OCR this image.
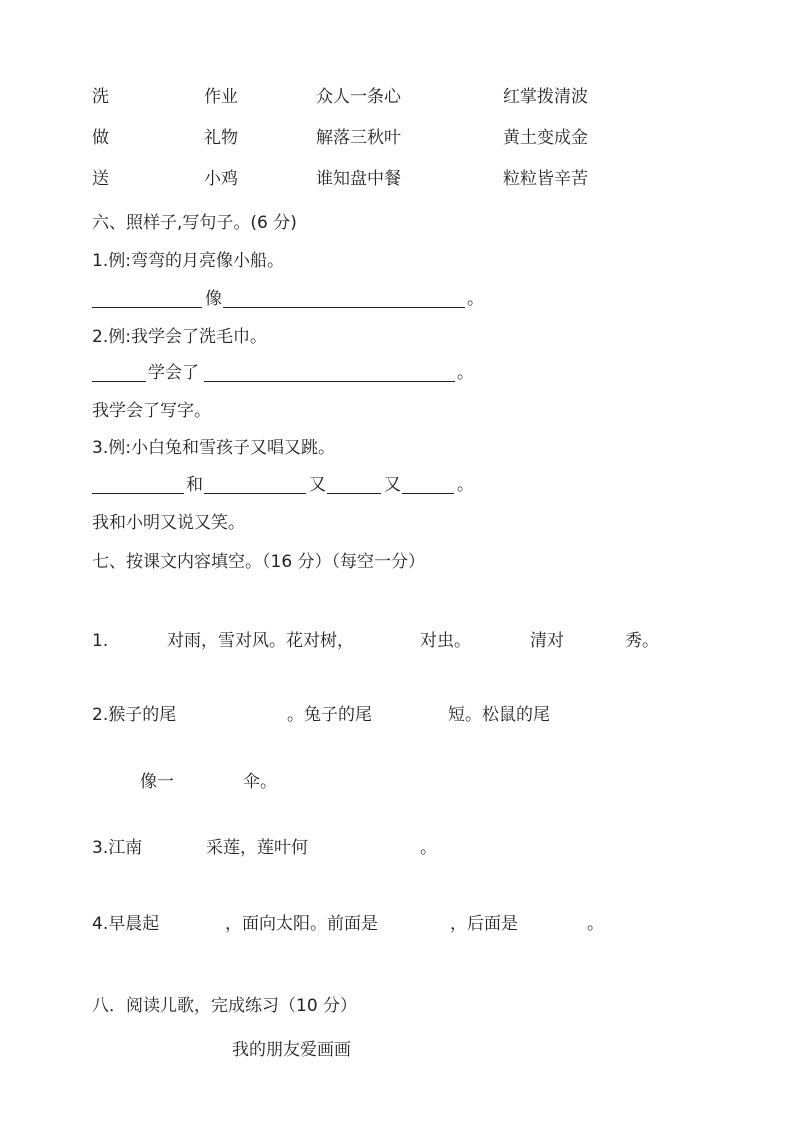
洗	作业	众人一条心	红掌拨清波
做	礼物	解落三秋叶	黄土变成金
送	小鸡	谁知盘中餐	粒粒皆辛苦
六、照样子,写句子。(6 分)
1.例:弯弯的月亮像小船。
像	。
2.例:我学会了洗毛巾。
学会了	。
我学会了写字。
3.例:小白兔和雪孩子又唱又跳。
和	又	又	。
我和小明又说又笑。
七、按课文内容填空。（16 分）（每空一分）
1.	对雨，雪对风。花对树，	对虫。	清对	秀。
2.猴子的尾	。兔子的尾	短。松鼠的尾
像一	伞。
3.江南	采莲，莲叶何	。
4.早晨起	，面向太阳。前面是	，后面是	。
八．阅读儿歌，完成练习（10 分）
我的朋友爱画画
